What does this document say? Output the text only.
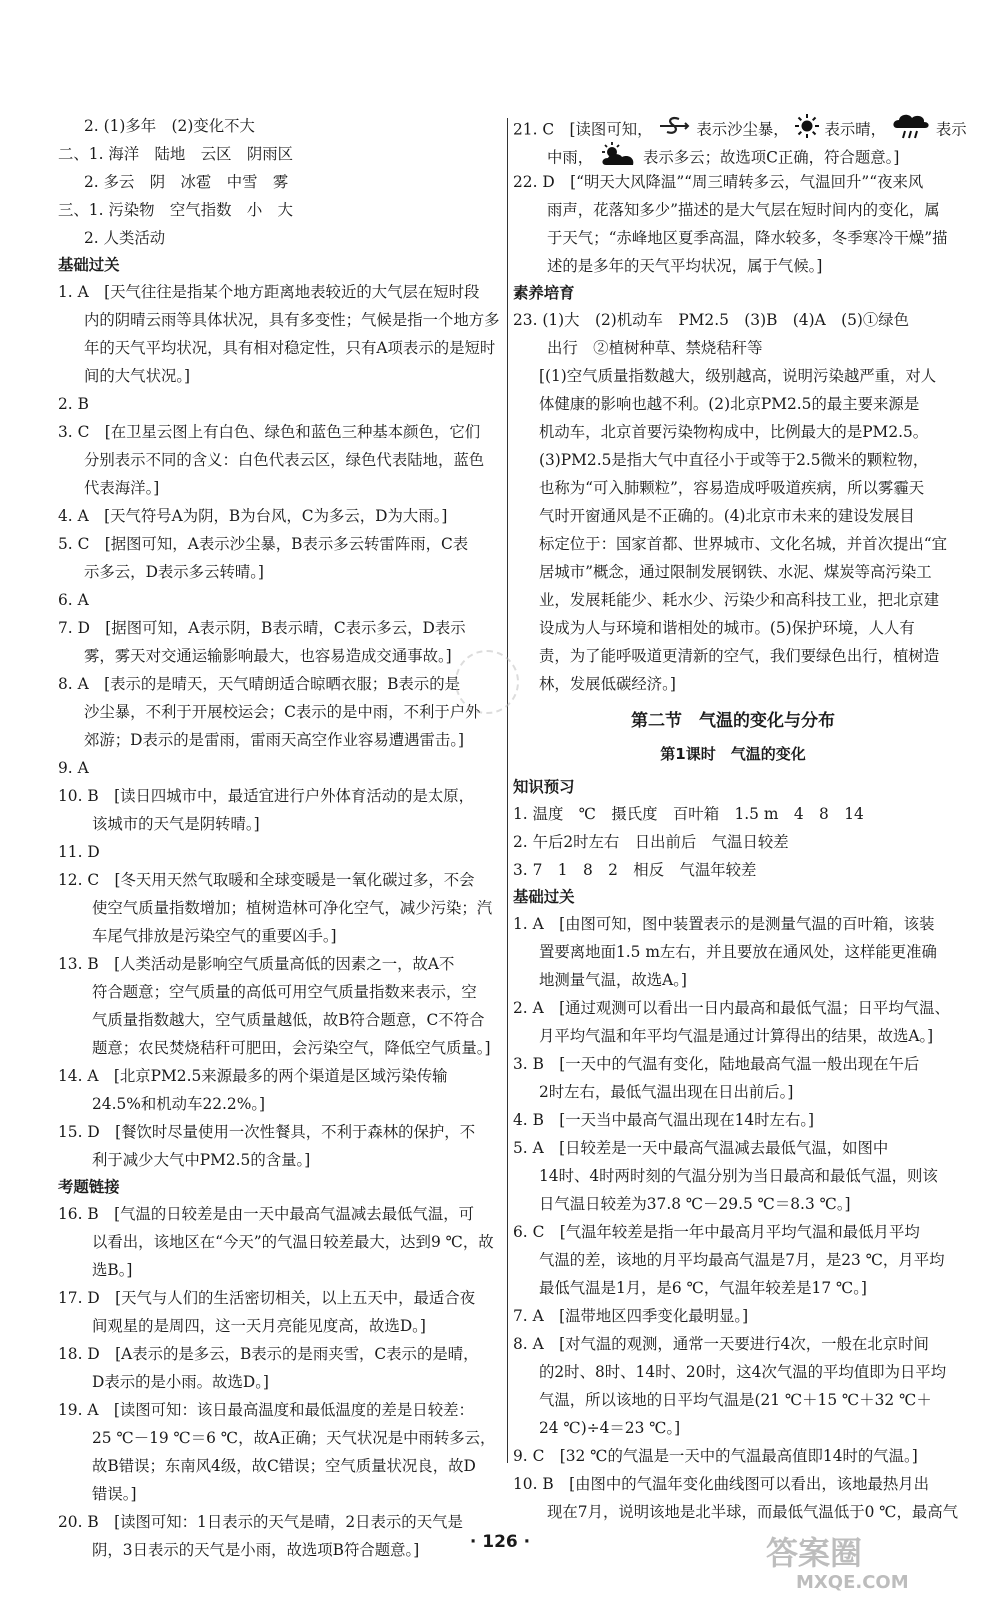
2. (1)多年　(2)变化不大
二、1. 海洋　陆地　云区　阴雨区
2. 多云　阴　冰雹　中雪　雾
三、1. 污染物　空气指数　小　大
2. 人类活动
基础过关
1. A　[天气往往是指某个地方距离地表较近的大气层在短时段
内的阴晴云雨等具体状况，具有多变性；气候是指一个地方多
年的天气平均状况，具有相对稳定性，只有A项表示的是短时
间的大气状况。]
2. B
3. C　[在卫星云图上有白色、绿色和蓝色三种基本颜色，它们
分别表示不同的含义：白色代表云区，绿色代表陆地，蓝色
代表海洋。]
4. A　[天气符号A为阴，B为台风，C为多云，D为大雨。]
5. C　[据图可知，A表示沙尘暴，B表示多云转雷阵雨，C表
示多云，D表示多云转晴。]
6. A
7. D　[据图可知，A表示阴，B表示晴，C表示多云，D表示
雾，雾天对交通运输影响最大，也容易造成交通事故。]
8. A　[表示的是晴天，天气晴朗适合晾晒衣服；B表示的是
沙尘暴，不利于开展校运会；C表示的是中雨，不利于户外
郊游；D表示的是雷雨，雷雨天高空作业容易遭遇雷击。]
9. A
10. B　[读日四城市中，最适宜进行户外体育活动的是太原，
该城市的天气是阴转晴。]
11. D
12. C　[冬天用天然气取暖和全球变暖是一氧化碳过多，不会
使空气质量指数增加；植树造林可净化空气，减少污染；汽
车尾气排放是污染空气的重要凶手。]
13. B　[人类活动是影响空气质量高低的因素之一，故A不
符合题意；空气质量的高低可用空气质量指数来表示，空
气质量指数越大，空气质量越低，故B符合题意，C不符合
题意；农民焚烧秸秆可肥田，会污染空气，降低空气质量。]
14. A　[北京PM2.5来源最多的两个渠道是区域污染传输
24.5%和机动车22.2%。]
15. D　[餐饮时尽量使用一次性餐具，不利于森林的保护，不
利于减少大气中PM2.5的含量。]
考题链接
16. B　[气温的日较差是由一天中最高气温减去最低气温，可
以看出，该地区在“今天”的气温日较差最大，达到9 ℃，故
选B。]
17. D　[天气与人们的生活密切相关，以上五天中，最适合夜
间观星的是周四，这一天月亮能见度高，故选D。]
18. D　[A表示的是多云，B表示的是雨夹雪，C表示的是晴，
D表示的是小雨。故选D。]
19. A　[读图可知：该日最高温度和最低温度的差是日较差：
25 ℃－19 ℃＝6 ℃，故A正确；天气状况是中雨转多云，
故B错误；东南风4级，故C错误；空气质量状况良，故D
错误。]
20. B　[读图可知：1日表示的天气是晴，2日表示的天气是
阴，3日表示的天气是小雨，故选项B符合题意。]
21. C　[读图可知，	表示沙尘暴， 表示晴，	表示
中雨，	表示多云；故选项C正确，符合题意。]
22. D　[“明天大风降温”“周三晴转多云，气温回升”“夜来风
雨声，花落知多少”描述的是大气层在短时间内的变化，属
于天气；“赤峰地区夏季高温，降水较多，冬季寒冷干燥”描
述的是多年的天气平均状况，属于气候。]
素养培育
23. (1)大　(2)机动车　PM2.5　(3)B　(4)A　(5)①绿色
出行　②植树种草、禁烧秸秆等
[(1)空气质量指数越大，级别越高，说明污染越严重，对人
体健康的影响也越不利。(2)北京PM2.5的最主要来源是
机动车，北京首要污染物构成中，比例最大的是PM2.5。
(3)PM2.5是指大气中直径小于或等于2.5微米的颗粒物，
也称为“可入肺颗粒”，容易造成呼吸道疾病，所以雾霾天
气时开窗通风是不正确的。(4)北京市未来的建设发展目
标定位于：国家首都、世界城市、文化名城，并首次提出“宜
居城市”概念，通过限制发展钢铁、水泥、煤炭等高污染工
业，发展耗能少、耗水少、污染少和高科技工业，把北京建
设成为人与环境和谐相处的城市。(5)保护环境，人人有
责，为了能呼吸道更清新的空气，我们要绿色出行，植树造
林，发展低碳经济。]
第二节　气温的变化与分布
第1课时　气温的变化
知识预习
1. 温度　℃　摄氏度　百叶箱　1.5 m　4　8　14
2. 午后2时左右　日出前后　气温日较差
3. 7　1　8　2　相反　气温年较差
基础过关
1. A　[由图可知，图中装置表示的是测量气温的百叶箱，该装
置要离地面1.5 m左右，并且要放在通风处，这样能更准确
地测量气温，故选A。]
2. A　[通过观测可以看出一日内最高和最低气温；日平均气温、
月平均气温和年平均气温是通过计算得出的结果，故选A。]
3. B　[一天中的气温有变化，陆地最高气温一般出现在午后
2时左右，最低气温出现在日出前后。]
4. B　[一天当中最高气温出现在14时左右。]
5. A　[日较差是一天中最高气温减去最低气温，如图中
14时、4时两时刻的气温分别为当日最高和最低气温，则该
日气温日较差为37.8 ℃－29.5 ℃＝8.3 ℃。]
6. C　[气温年较差是指一年中最高月平均气温和最低月平均
气温的差，该地的月平均最高气温是7月，是23 ℃，月平均
最低气温是1月，是6 ℃，气温年较差是17 ℃。]
7. A　[温带地区四季变化最明显。]
8. A　[对气温的观测，通常一天要进行4次，一般在北京时间
的2时、8时、14时、20时，这4次气温的平均值即为日平均
气温，所以该地的日平均气温是(21 ℃＋15 ℃＋32 ℃＋
24 ℃)÷4＝23 ℃。]
9. C　[32 ℃的气温是一天中的气温最高值即14时的气温。]
10. B　[由图中的气温年变化曲线图可以看出，该地最热月出
现在7月，说明该地是北半球，而最低气温低于0 ℃，最高气
· 126 ·	答案圈
MXQE.COM
